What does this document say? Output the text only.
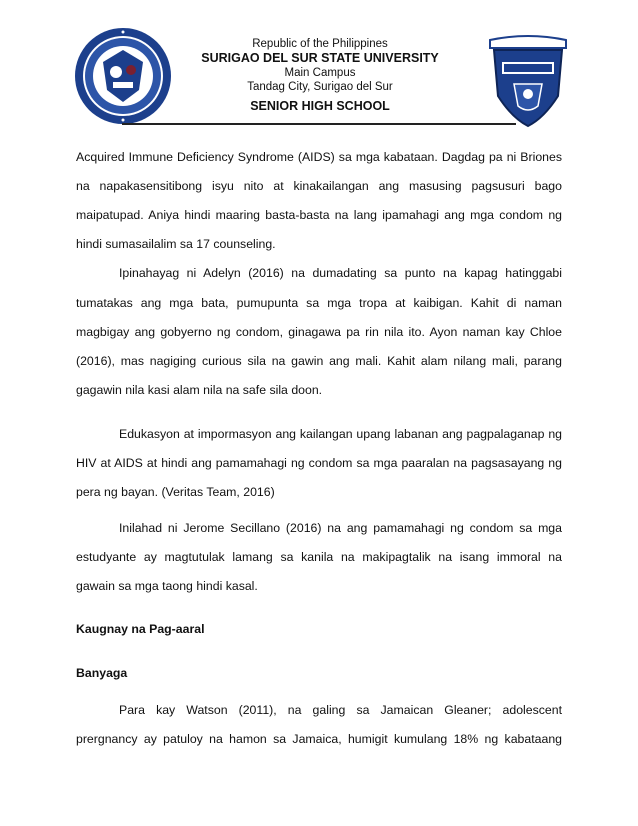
Republic of the Philippines
SURIGAO DEL SUR STATE UNIVERSITY
Main Campus
Tandag City, Surigao del Sur
SENIOR HIGH SCHOOL
Acquired Immune Deficiency Syndrome (AIDS) sa mga kabataan. Dagdag pa ni Briones
na napakasensitibong isyu nito at kinakailangan ang masusing pagsusuri bago
maipatupad. Aniya hindi maaring basta-basta na lang ipamahagi ang mga condom ng
hindi sumasailalim sa 17 counseling.
Ipinahayag ni Adelyn (2016) na dumadating sa punto na kapag hatinggabi
tumatakas ang mga bata, pumupunta sa mga tropa at kaibigan. Kahit di naman
magbigay ang gobyerno ng condom, ginagawa pa rin nila ito. Ayon naman kay Chloe
(2016), mas nagiging curious sila na gawin ang mali. Kahit alam nilang mali, parang
gagawin nila kasi alam nila na safe sila doon.
Edukasyon at impormasyon ang kailangan upang labanan ang pagpalaganap ng
HIV at AIDS at hindi ang pamamahagi ng condom sa mga paaralan na pagsasayang ng
pera ng bayan. (Veritas Team, 2016)
Inilahad ni Jerome Secillano (2016) na ang pamamahagi ng condom sa mga
estudyante ay magtutulak lamang sa kanila na makipagtalik na isang immoral na
gawain sa mga taong hindi kasal.
Kaugnay na Pag-aaral
Banyaga
Para kay Watson (2011), na galing sa Jamaican Gleaner; adolescent
prergnancy ay patuloy na hamon sa Jamaica, humigit kumulang 18% ng kabataang
